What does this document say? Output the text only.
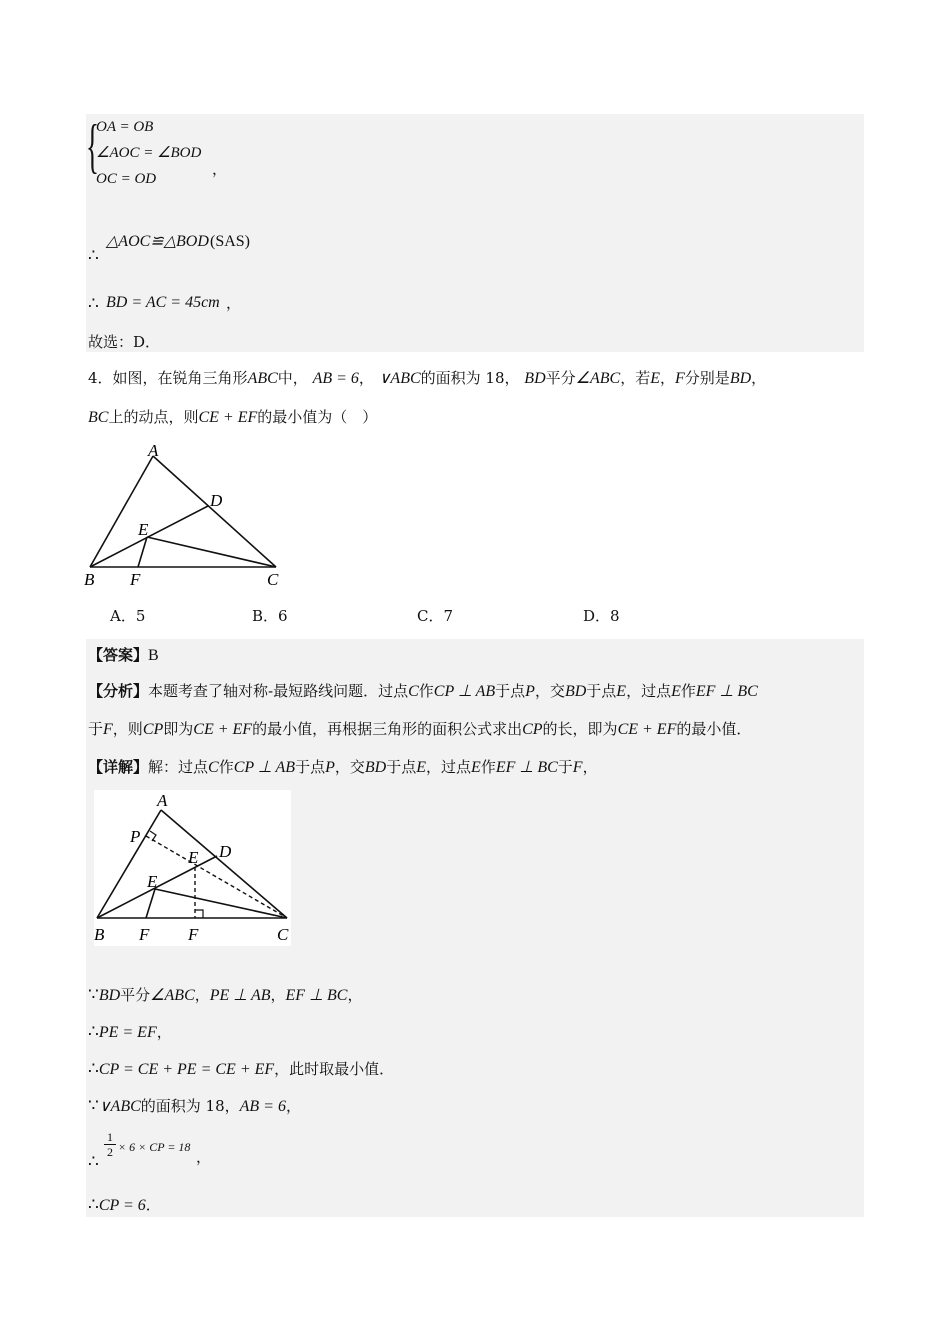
{
OA = OB
∠AOC = ∠BOD
OC = OD
，
∴
△AOC≌△BOD (SAS)
∴ BD = AC = 45cm ，
故选：D．
4．如图，在锐角三角形ABC中， AB = 6， ∨ABC的面积为 18， BD平分∠ABC，若E，F分别是BD，
BC上的动点，则CE + EF的最小值为（　）
A
B	C
D
E
F
A．5	B．6	C．7	D．8
【答案】B
【分析】本题考查了轴对称-最短路线问题．过点C作CP ⊥ AB于点P，交BD于点E，过点E作EF ⊥ BC
于F，则CP即为CE + EF的最小值，再根据三角形的面积公式求出CP的长，即为CE + EF的最小值．
【详解】解：过点C作CP ⊥ AB于点P，交BD于点E，过点E作EF ⊥ BC于F，
A
P
E D
E
B F F	C
∵BD平分∠ABC，PE ⊥ AB，EF ⊥ BC，
∴PE = EF，
∴CP = CE + PE = CE + EF，此时取最小值．
∵∨ABC的面积为 18，AB = 6，
∴
$\frac{1}{2} \times 6$ × CP = 18
，
∴CP = 6．
